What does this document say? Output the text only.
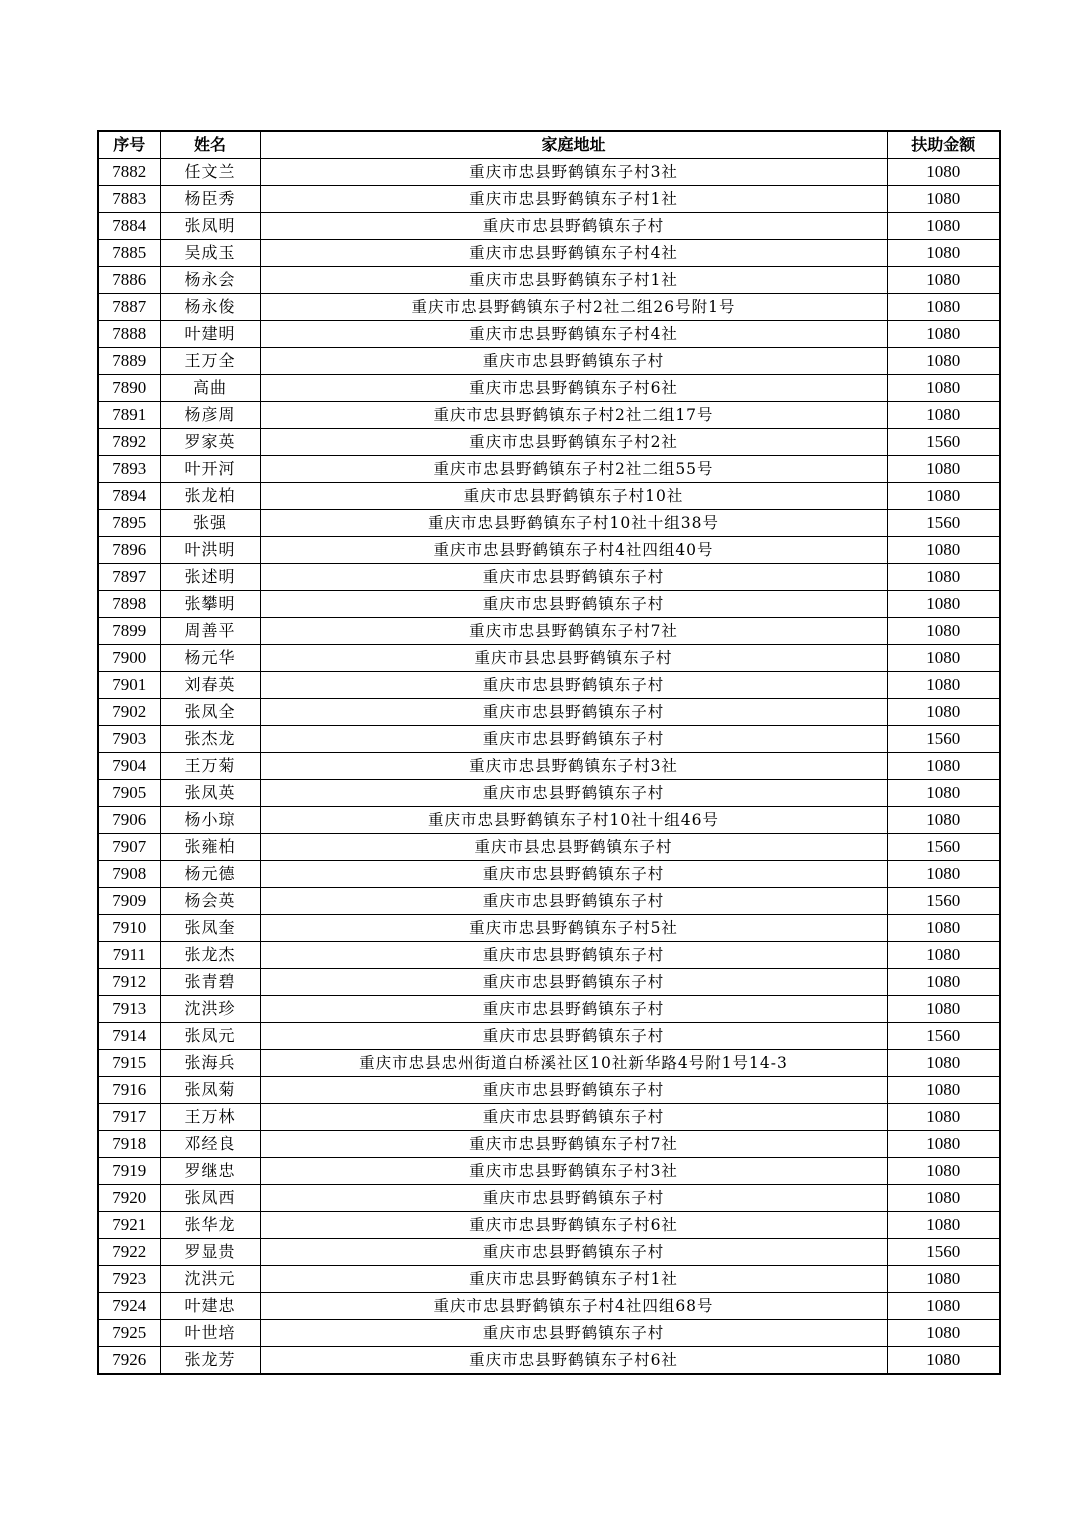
序号	姓名	家庭地址	扶助金额
7882	任文兰	重庆市忠县野鹤镇东子村3社	1080
7883	杨臣秀	重庆市忠县野鹤镇东子村1社	1080
7884	张凤明	重庆市忠县野鹤镇东子村	1080
7885	吴成玉	重庆市忠县野鹤镇东子村4社	1080
7886	杨永会	重庆市忠县野鹤镇东子村1社	1080
7887	杨永俊	重庆市忠县野鹤镇东子村2社二组26号附1号	1080
7888	叶建明	重庆市忠县野鹤镇东子村4社	1080
7889	王万全	重庆市忠县野鹤镇东子村	1080
7890	高曲	重庆市忠县野鹤镇东子村6社	1080
7891	杨彦周	重庆市忠县野鹤镇东子村2社二组17号	1080
7892	罗家英	重庆市忠县野鹤镇东子村2社	1560
7893	叶开河	重庆市忠县野鹤镇东子村2社二组55号	1080
7894	张龙柏	重庆市忠县野鹤镇东子村10社	1080
7895	张强	重庆市忠县野鹤镇东子村10社十组38号	1560
7896	叶洪明	重庆市忠县野鹤镇东子村4社四组40号	1080
7897	张述明	重庆市忠县野鹤镇东子村	1080
7898	张攀明	重庆市忠县野鹤镇东子村	1080
7899	周善平	重庆市忠县野鹤镇东子村7社	1080
7900	杨元华	重庆市县忠县野鹤镇东子村	1080
7901	刘春英	重庆市忠县野鹤镇东子村	1080
7902	张凤全	重庆市忠县野鹤镇东子村	1080
7903	张杰龙	重庆市忠县野鹤镇东子村	1560
7904	王万菊	重庆市忠县野鹤镇东子村3社	1080
7905	张凤英	重庆市忠县野鹤镇东子村	1080
7906	杨小琼	重庆市忠县野鹤镇东子村10社十组46号	1080
7907	张雍柏	重庆市县忠县野鹤镇东子村	1560
7908	杨元德	重庆市忠县野鹤镇东子村	1080
7909	杨会英	重庆市忠县野鹤镇东子村	1560
7910	张凤奎	重庆市忠县野鹤镇东子村5社	1080
7911	张龙杰	重庆市忠县野鹤镇东子村	1080
7912	张青碧	重庆市忠县野鹤镇东子村	1080
7913	沈洪珍	重庆市忠县野鹤镇东子村	1080
7914	张凤元	重庆市忠县野鹤镇东子村	1560
7915	张海兵	重庆市忠县忠州街道白桥溪社区10社新华路4号附1号14-3	1080
7916	张凤菊	重庆市忠县野鹤镇东子村	1080
7917	王万林	重庆市忠县野鹤镇东子村	1080
7918	邓经良	重庆市忠县野鹤镇东子村7社	1080
7919	罗继忠	重庆市忠县野鹤镇东子村3社	1080
7920	张凤西	重庆市忠县野鹤镇东子村	1080
7921	张华龙	重庆市忠县野鹤镇东子村6社	1080
7922	罗显贵	重庆市忠县野鹤镇东子村	1560
7923	沈洪元	重庆市忠县野鹤镇东子村1社	1080
7924	叶建忠	重庆市忠县野鹤镇东子村4社四组68号	1080
7925	叶世培	重庆市忠县野鹤镇东子村	1080
7926	张龙芳	重庆市忠县野鹤镇东子村6社	1080
